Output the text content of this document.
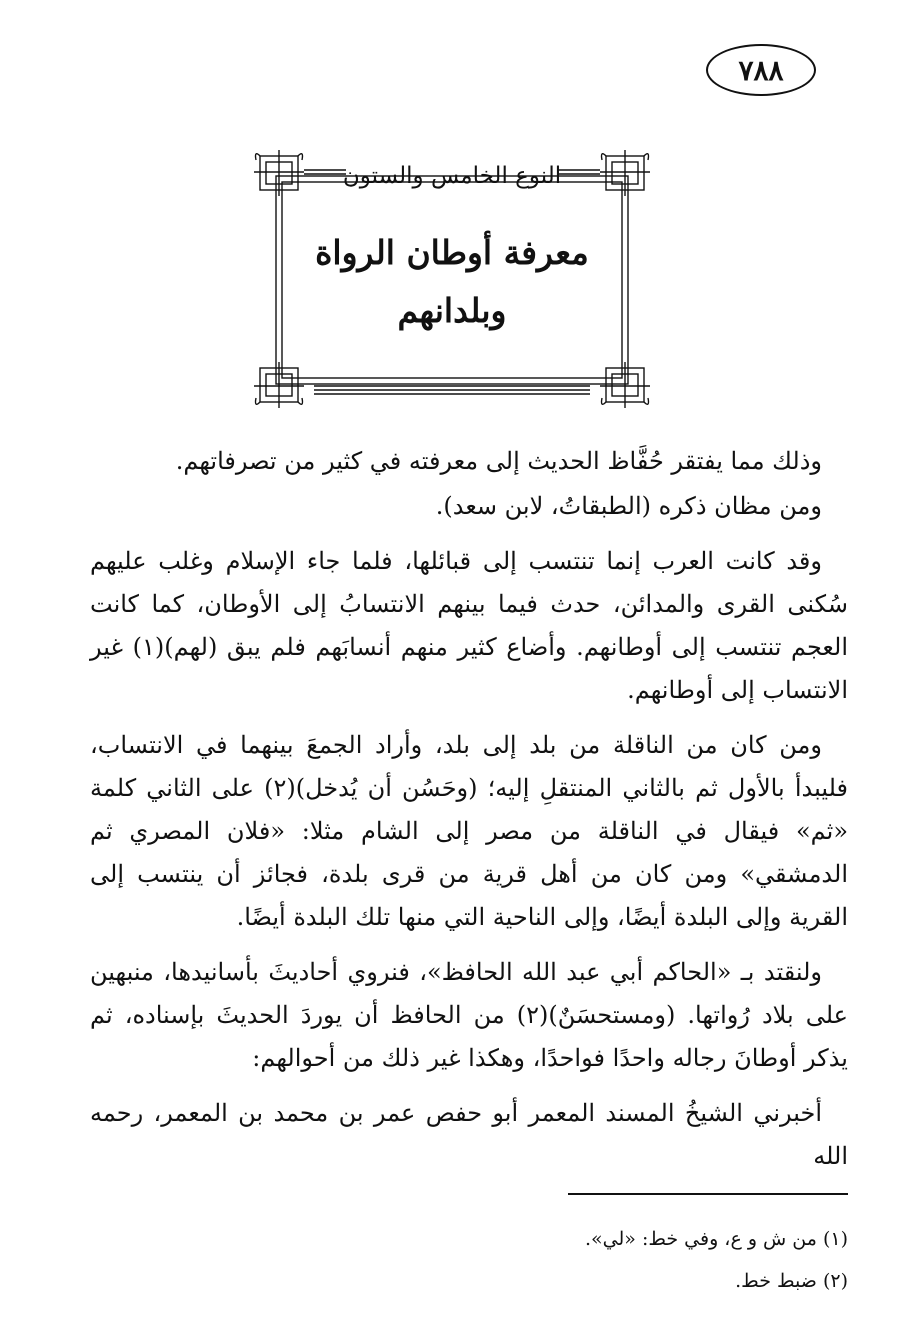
٧٨٨
النوع الخامس والستون
معرفة أوطان الرواة
وبلدانهم

وذلك مما يفتقر حُفَّاظ الحديث إلى معرفته في كثير من تصرفاتهم.

ومن مظان ذكره (الطبقاتُ، لابن سعد).

وقد كانت العرب إنما تنتسب إلى قبائلها، فلما جاء الإسلام وغلب عليهم سُكنى القرى والمدائن، حدث فيما بينهم الانتسابُ إلى الأوطان، كما كانت العجم تنتسب إلى أوطانهم. وأضاع كثير منهم أنسابَهم فلم يبق (لهم)(١) غير الانتساب إلى أوطانهم.

ومن كان من الناقلة من بلد إلى بلد، وأراد الجمعَ بينهما في الانتساب، فليبدأ بالأول ثم بالثاني المنتقلِ إليه؛ (وحَسُن أن يُدخل)(٢) على الثاني كلمة «ثم» فيقال في الناقلة من مصر إلى الشام مثلا: «فلان المصري ثم الدمشقي» ومن كان من أهل قرية من قرى بلدة، فجائز أن ينتسب إلى القرية وإلى البلدة أيضًا، وإلى الناحية التي منها تلك البلدة أيضًا.

ولنقتد بـ «الحاكم أبي عبد الله الحافظ»، فنروي أحاديثَ بأسانيدها، منبهين على بلاد رُواتها. (ومستحسَنٌ)(٢) من الحافظ أن يوردَ الحديثَ بإسناده، ثم يذكر أوطانَ رجاله واحدًا فواحدًا، وهكذا غير ذلك من أحوالهم:

أخبرني الشيخُ المسند المعمر أبو حفص عمر بن محمد بن المعمر، رحمه الله

(١) من ش و ع، وفي خط: «لي».
(٢) ضبط خط.
